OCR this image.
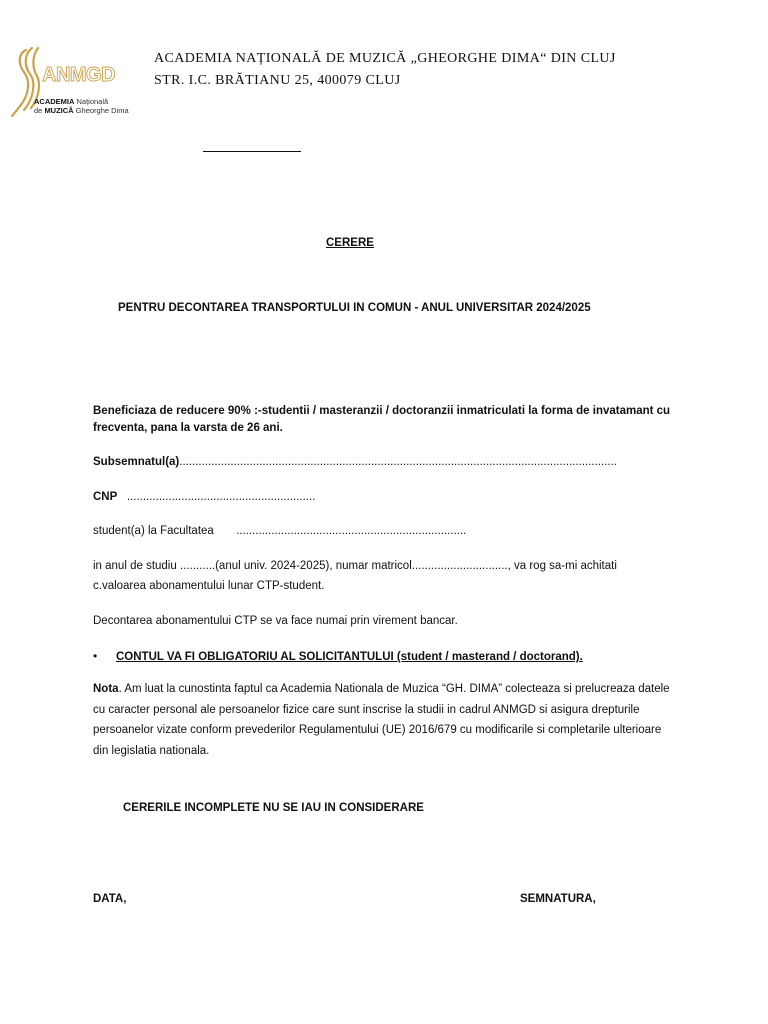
ANMGD
ACADEMIA Națională
de MUZICĂ Gheorghe Dima
ACADEMIA NAȚIONALĂ DE MUZICĂ „GHEORGHE DIMA“ DIN CLUJ
STR. I.C. BRĂTIANU 25, 400079 CLUJ
CERERE
PENTRU DECONTAREA TRANSPORTULUI IN COMUN - ANUL UNIVERSITAR 2024/2025
Beneficiaza de reducere 90% :-studentii / masteranzii / doctoranzii inmatriculati la forma de invatamant cu frecventa, pana la varsta de 26 ani.
Subsemnatul(a).........................................................................................................................................
CNP ...........................................................
student(a) la Facultatea ........................................................................
in anul de studiu ...........(anul univ. 2024-2025), numar matricol.............................., va rog sa-mi achitati
c.valoarea abonamentului lunar CTP-student.
Decontarea abonamentului CTP se va face numai prin virement bancar.
• CONTUL VA FI OBLIGATORIU AL SOLICITANTULUI (student / masterand / doctorand).
Nota. Am luat la cunostinta faptul ca Academia Nationala de Muzica “GH. DIMA” colecteaza si prelucreaza datele cu caracter personal ale persoanelor fizice care sunt inscrise la studii in cadrul ANMGD si asigura drepturile persoanelor vizate conform prevederilor Regulamentului (UE) 2016/679 cu modificarile si completarile ulterioare din legislatia nationala.
CERERILE INCOMPLETE NU SE IAU IN CONSIDERARE
DATA,	SEMNATURA,
